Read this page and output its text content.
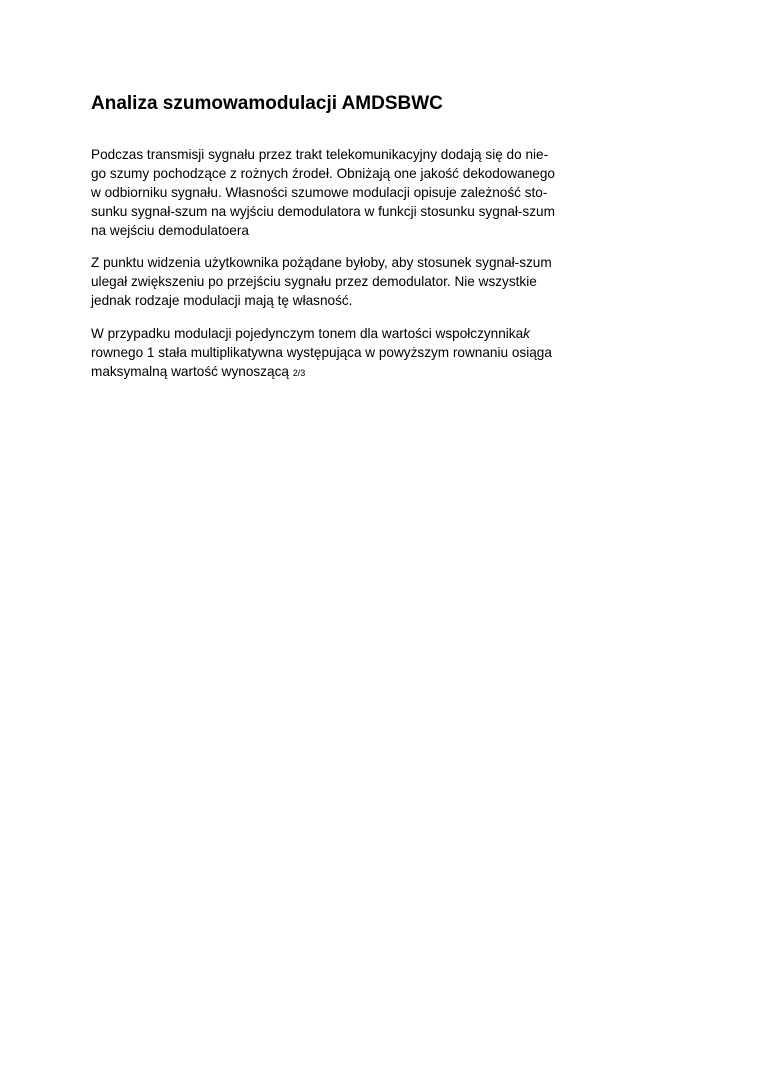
Analiza szumowamodulacji AMDSBWC

Podczas transmisji sygnału przez trakt telekomunikacyjny dodają się do nie-
go szumy pochodzące z rożnych źrodeł. Obniżają one jakość dekodowanego
w odbiorniku sygnału. Własności szumowe modulacji opisuje zależność sto-
sunku sygnał-szum na wyjściu demodulatora w funkcji stosunku sygnał-szum
na wejściu demodulatoera

Z punktu widzenia użytkownika pożądane byłoby, aby stosunek sygnał-szum
ulegał zwiększeniu po przejściu sygnału przez demodulator. Nie wszystkie
jednak rodzaje modulacji mają tę własność.

W przypadku modulacji pojedynczym tonem dla wartości wspołczynnikak
rownego 1 stała multiplikatywna występująca w powyższym rownaniu osiąga
maksymalną wartość wynoszącą 2/3
